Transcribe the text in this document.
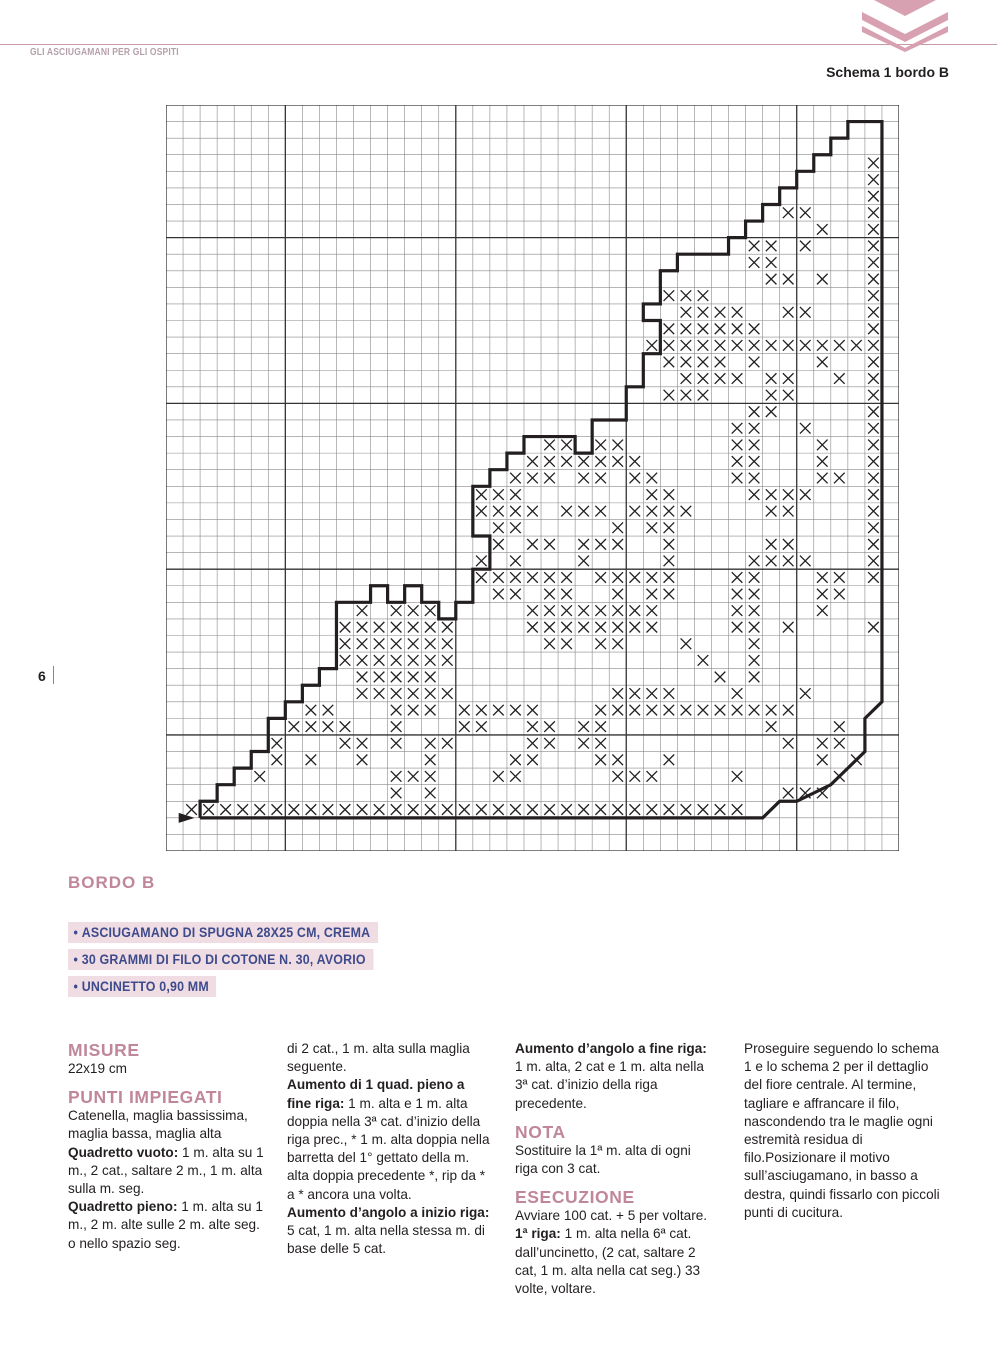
GLI ASCIUGAMANI PER GLI OSPITI
Schema 1 bordo B
6
BORDO B
• ASCIUGAMANO DI SPUGNA 28X25 CM, CREMA
• 30 GRAMMI DI FILO DI COTONE N. 30, AVORIO
• UNCINETTO 0,90 MM
MISURE

22x19 cm

PUNTI IMPIEGATI

Catenella, maglia bassissima, maglia bassa, maglia alta

Quadretto vuoto: 1 m. alta su 1 m., 2 cat., saltare 2 m., 1 m. alta sulla m. seg.

Quadretto pieno: 1 m. alta su 1 m., 2 m. alte sulle 2 m. alte seg. o nello spazio seg.

di 2 cat., 1 m. alta sulla maglia seguente.

Aumento di 1 quad. pieno a fine riga: 1 m. alta e 1 m. alta doppia nella 3ª cat. d’inizio della riga prec., * 1 m. alta doppia nella barretta del 1° gettato della m. alta doppia precedente *, rip da * a * ancora una volta.

Aumento d’angolo a inizio riga: 5 cat, 1 m. alta nella stessa m. di base delle 5 cat.

Aumento d’angolo a fine riga: 1 m. alta, 2 cat e 1 m. alta nella 3ª cat. d’inizio della riga precedente.

NOTA

Sostituire la 1ª m. alta di ogni riga con 3 cat.

ESECUZIONE

Avviare 100 cat. + 5 per voltare.

1ª riga: 1 m. alta nella 6ª cat. dall’uncinetto, (2 cat, saltare 2 cat, 1 m. alta nella cat seg.) 33 volte, voltare.

Proseguire seguendo lo schema 1 e lo schema 2 per il dettaglio del fiore centrale. Al termine, tagliare e affrancare il filo, nascondendo tra le maglie ogni estremità residua di filo.Posizionare il motivo sull’asciugamano, in basso a destra, quindi fissarlo con piccoli punti di cucitura.
